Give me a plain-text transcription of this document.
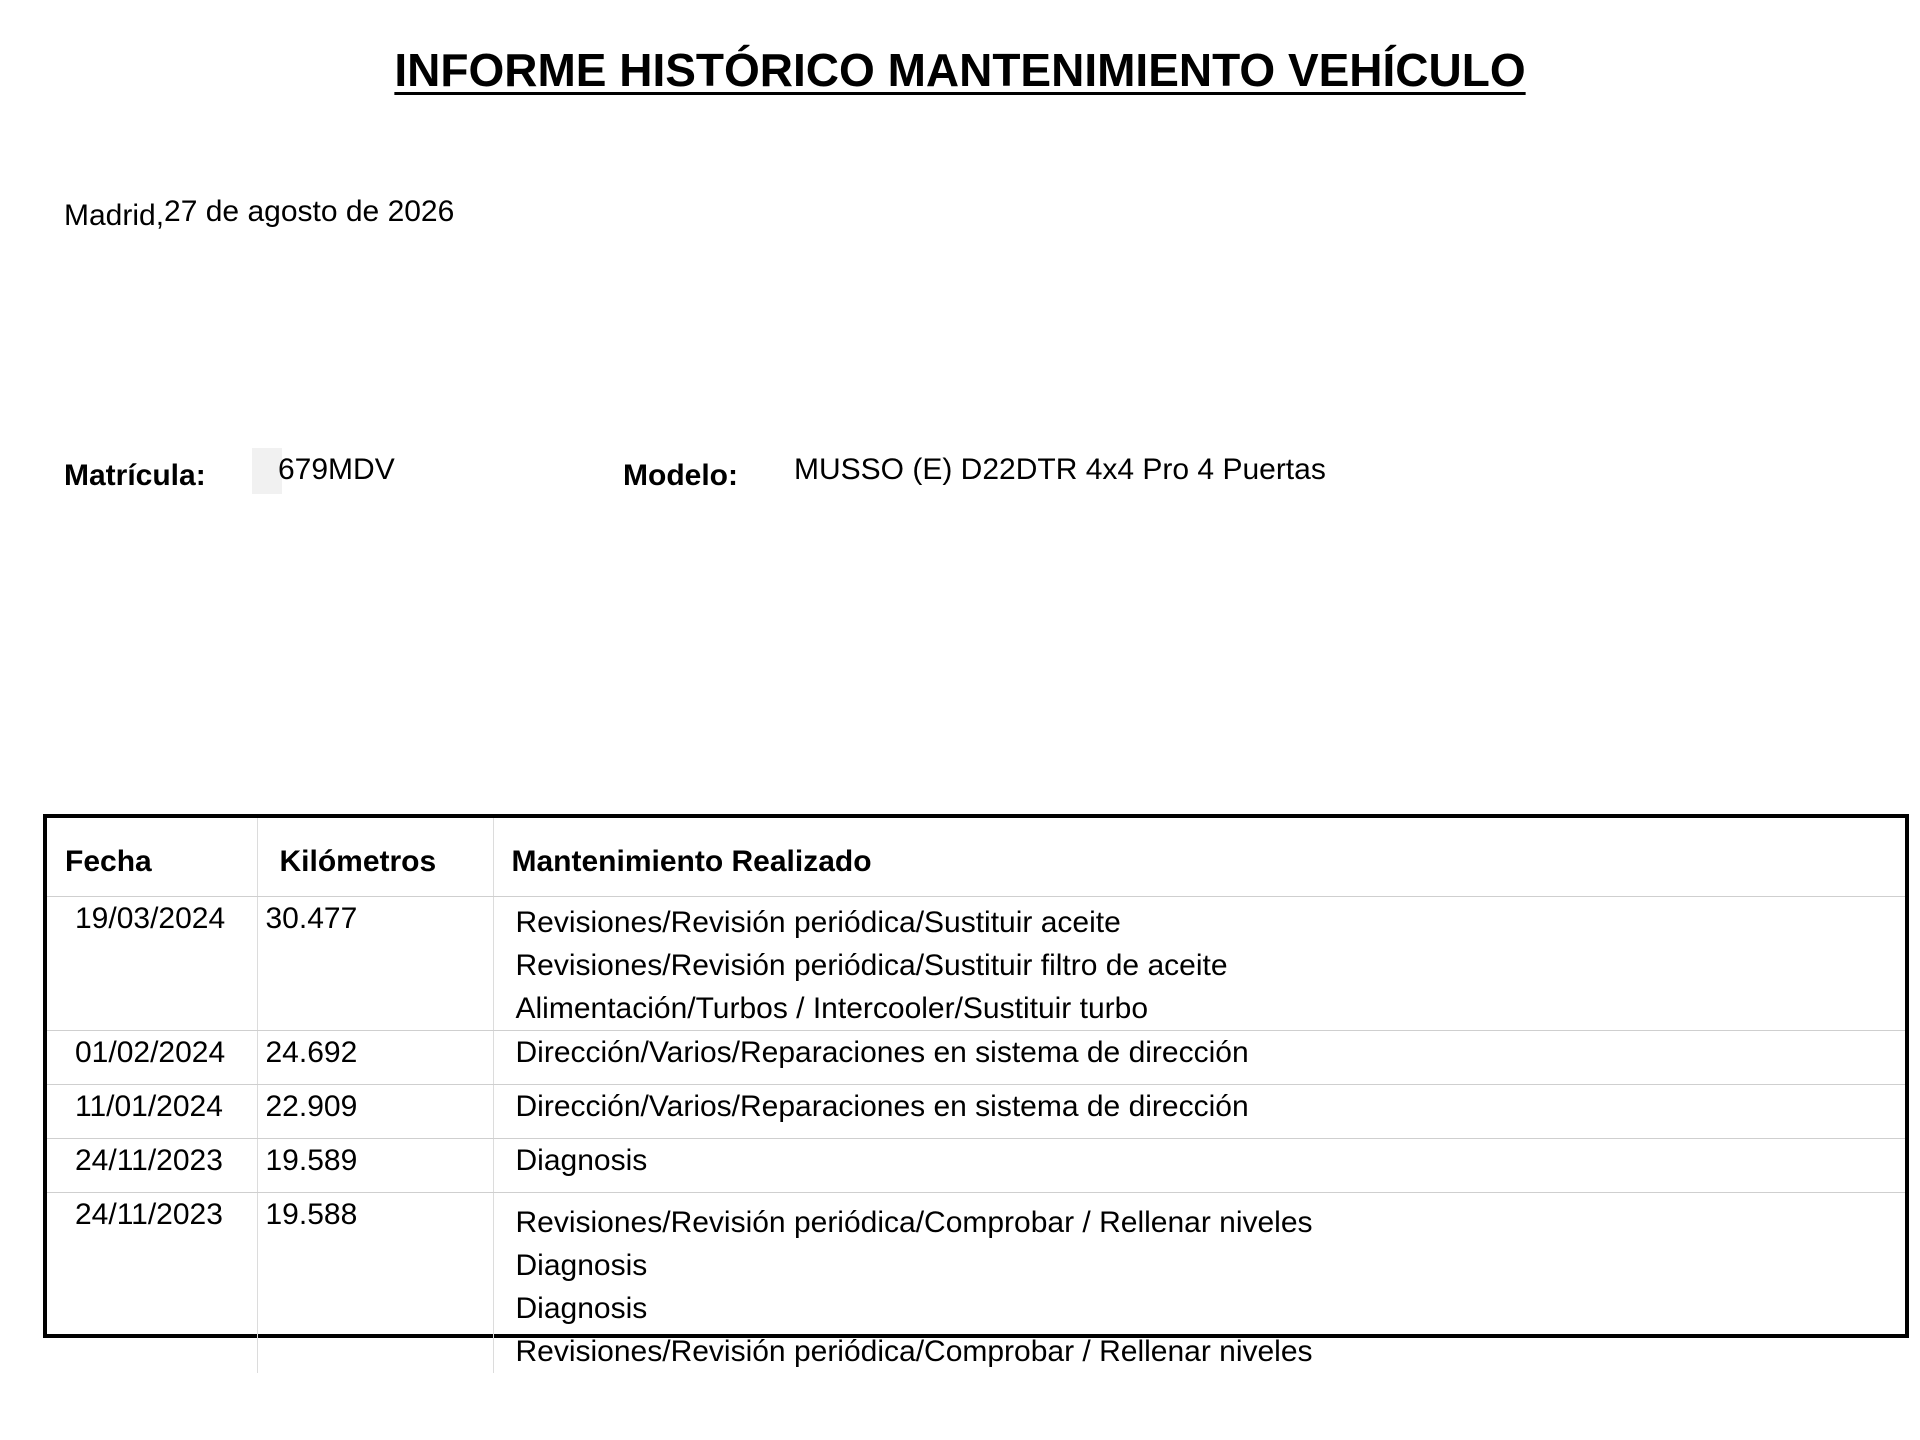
INFORME HISTÓRICO MANTENIMIENTO VEHÍCULO
Madrid,27 de agosto de 2026
Matrícula: 679MDV	Modelo: MUSSO (E) D22DTR 4x4 Pro 4 Puertas
Fecha	Kilómetros	Mantenimiento Realizado
19/03/2024	30.477	Revisiones/Revisión periódica/Sustituir aceite
Revisiones/Revisión periódica/Sustituir filtro de aceite
Alimentación/Turbos / Intercooler/Sustituir turbo

01/02/2024	24.692	Dirección/Varios/Reparaciones en sistema de dirección

11/01/2024	22.909	Dirección/Varios/Reparaciones en sistema de dirección

24/11/2023	19.589	Diagnosis

24/11/2023	19.588	Revisiones/Revisión periódica/Comprobar / Rellenar niveles
Diagnosis
Diagnosis
Revisiones/Revisión periódica/Comprobar / Rellenar niveles
